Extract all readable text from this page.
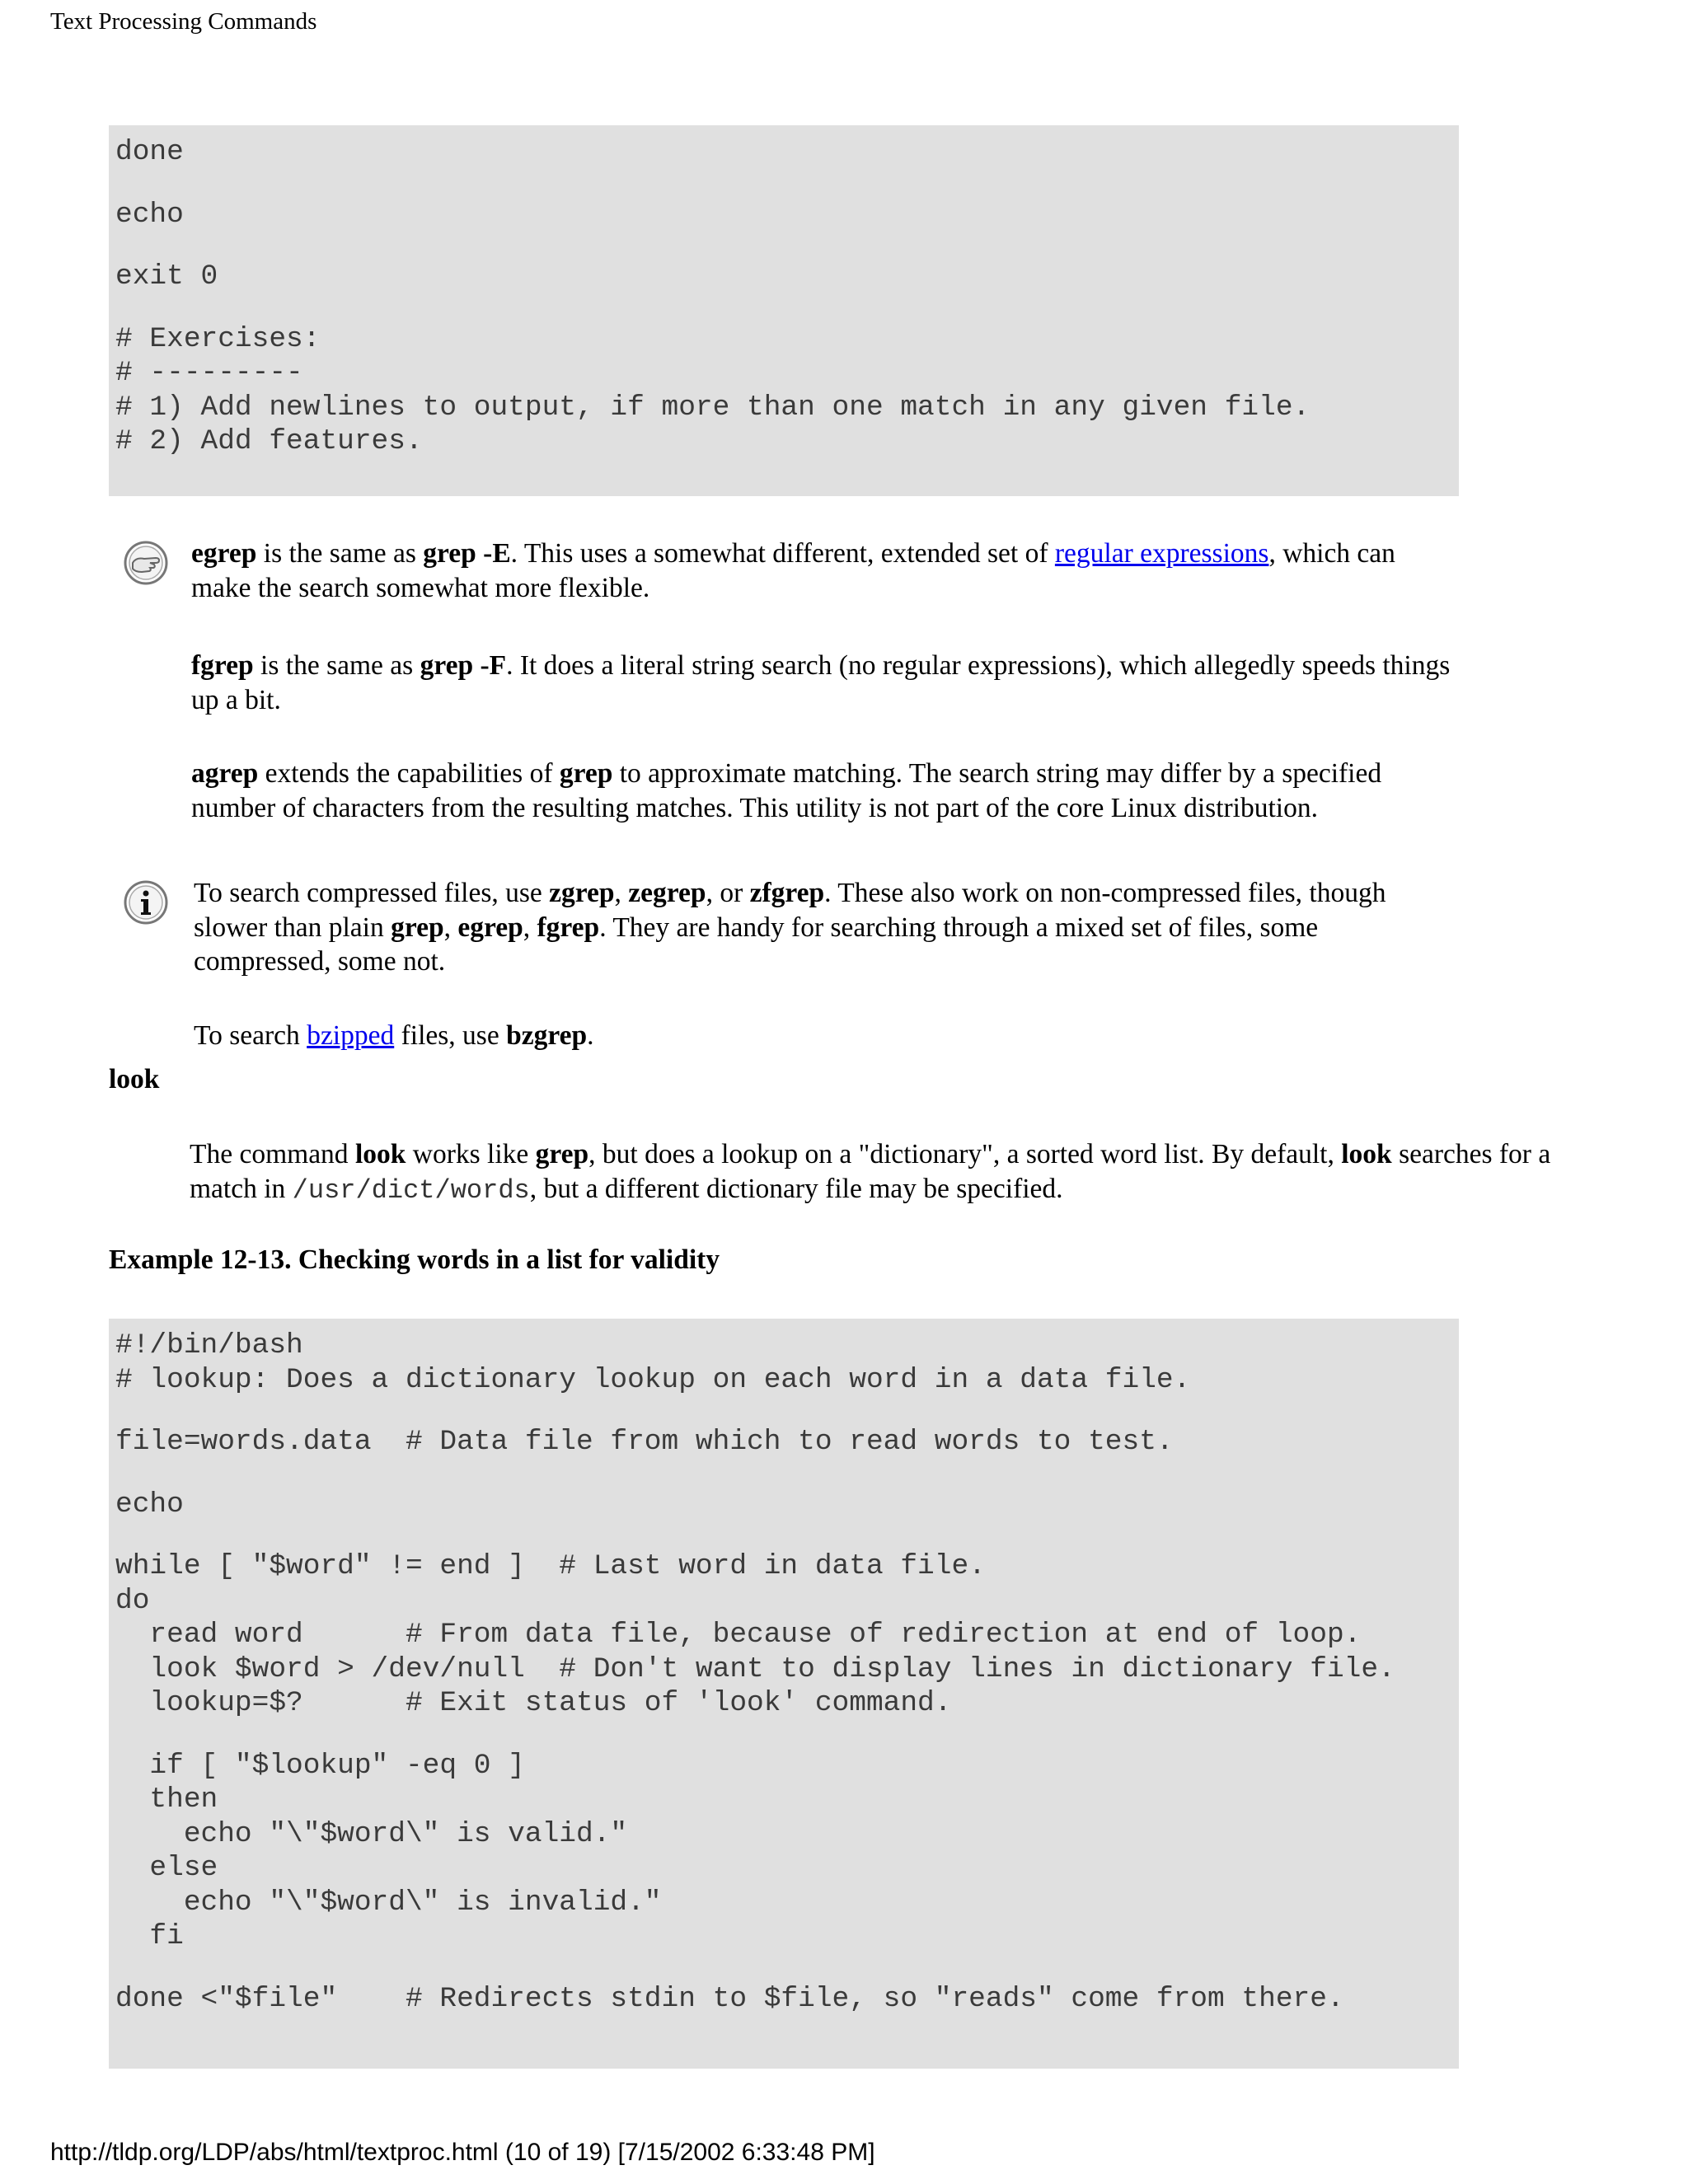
Text Processing Commands
done

echo

exit 0

# Exercises:
# ---------
# 1) Add newlines to output, if more than one match in any given file.
# 2) Add features.
egrep is the same as grep -E. This uses a somewhat different, extended set of regular expressions, which can make the search somewhat more flexible.
fgrep is the same as grep -F. It does a literal string search (no regular expressions), which allegedly speeds things up a bit.
agrep extends the capabilities of grep to approximate matching. The search string may differ by a specified number of characters from the resulting matches. This utility is not part of the core Linux distribution.
To search compressed files, use zgrep, zegrep, or zfgrep. These also work on non-compressed files, though slower than plain grep, egrep, fgrep. They are handy for searching through a mixed set of files, some compressed, some not.
To search bzipped files, use bzgrep.
look
The command look works like grep, but does a lookup on a "dictionary", a sorted word list. By default, look searches for a match in /usr/dict/words, but a different dictionary file may be specified.
Example 12-13. Checking words in a list for validity
#!/bin/bash
# lookup: Does a dictionary lookup on each word in a data file.

file=words.data  # Data file from which to read words to test.

echo

while [ "$word" != end ]  # Last word in data file.
do
read word      # From data file, because of redirection at end of loop.
look $word > /dev/null  # Don't want to display lines in dictionary file.
lookup=$?      # Exit status of 'look' command.

if [ "$lookup" -eq 0 ]
then
echo "\"$word\" is valid."
else
echo "\"$word\" is invalid."
fi

done <"$file"    # Redirects stdin to $file, so "reads" come from there.
http://tldp.org/LDP/abs/html/textproc.html (10 of 19) [7/15/2002 6:33:48 PM]
